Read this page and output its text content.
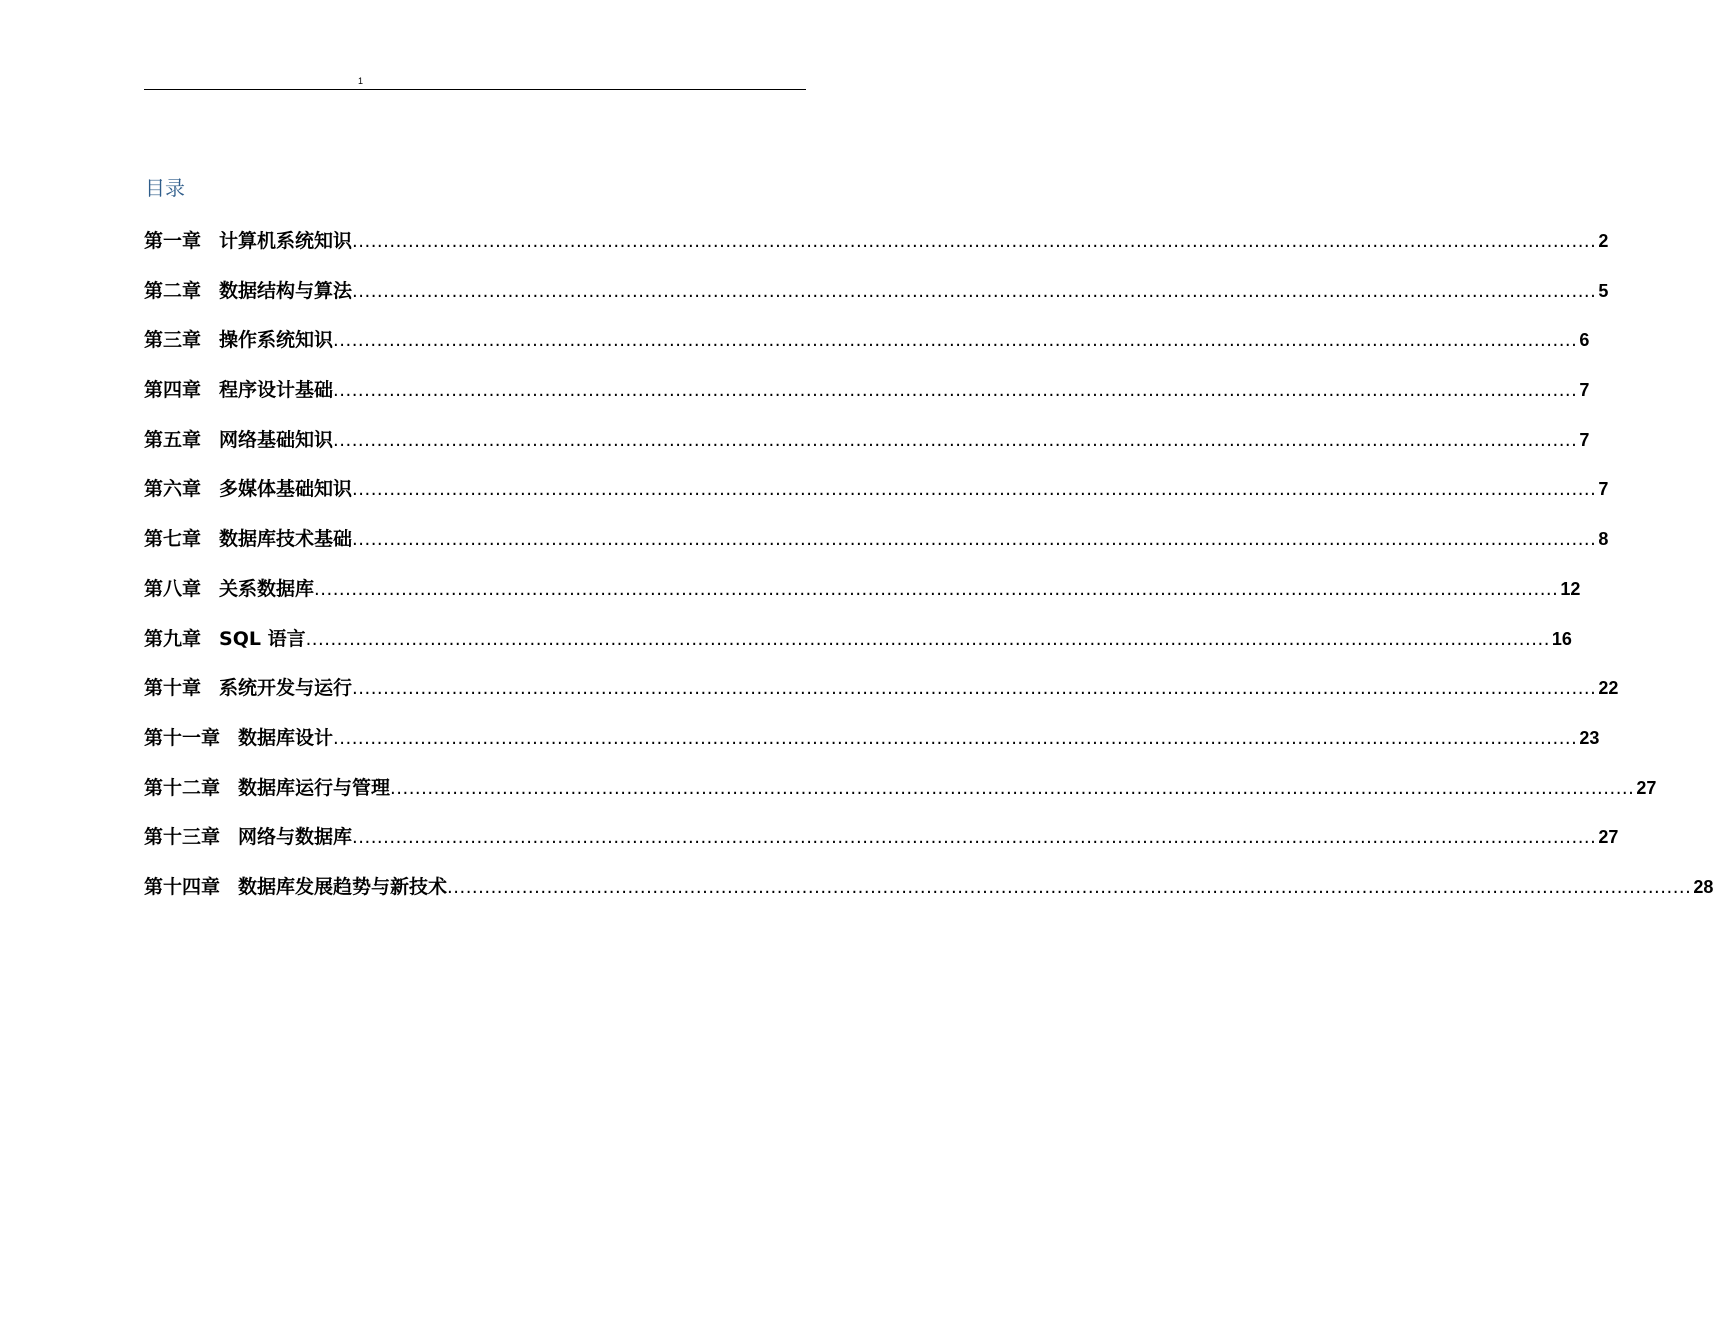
1
目录
第一章 计算机系统知识 ........................................................................................................................................................................................................ 2
第二章 数据结构与算法 ........................................................................................................................................................................................................ 5
第三章 操作系统知识 ........................................................................................................................................................................................................ 6
第四章 程序设计基础 ........................................................................................................................................................................................................ 7
第五章 网络基础知识 ........................................................................................................................................................................................................ 7
第六章 多媒体基础知识 ........................................................................................................................................................................................................ 7
第七章 数据库技术基础 ........................................................................................................................................................................................................ 8
第八章 关系数据库 ........................................................................................................................................................................................................ 12
第九章 SQL 语言 ........................................................................................................................................................................................................ 16
第十章 系统开发与运行 ........................................................................................................................................................................................................ 22
第十一章 数据库设计 ........................................................................................................................................................................................................ 23
第十二章 数据库运行与管理 ........................................................................................................................................................................................................ 27
第十三章 网络与数据库 ........................................................................................................................................................................................................ 27
第十四章 数据库发展趋势与新技术 ........................................................................................................................................................................................................ 28
